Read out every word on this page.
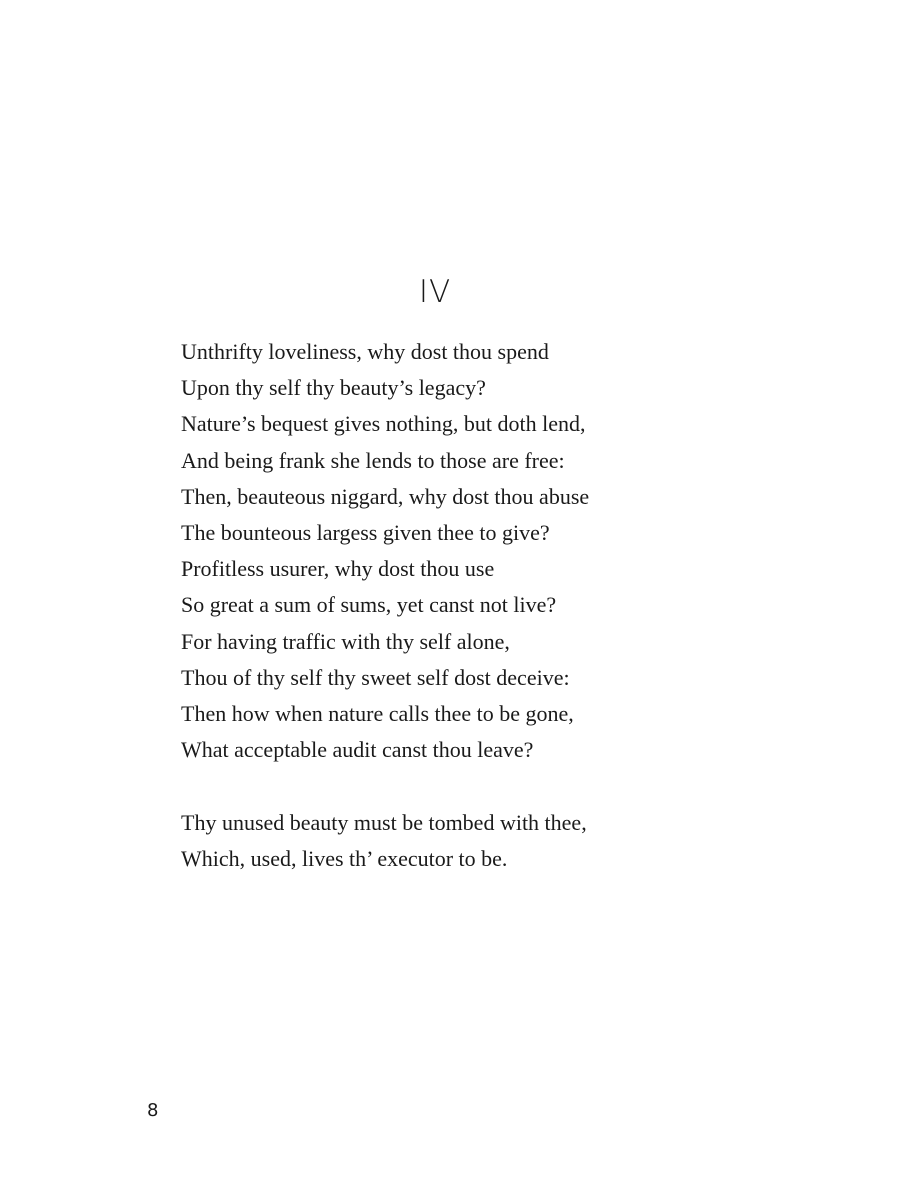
IV
Unthrifty loveliness, why dost thou spend
Upon thy self thy beauty’s legacy?
Nature’s bequest gives nothing, but doth lend,
And being frank she lends to those are free:
Then, beauteous niggard, why dost thou abuse
The bounteous largess given thee to give?
Profitless usurer, why dost thou use
So great a sum of sums, yet canst not live?
For having traffic with thy self alone,
Thou of thy self thy sweet self dost deceive:
Then how when nature calls thee to be gone,
What acceptable audit canst thou leave?
Thy unused beauty must be tombed with thee,
Which, used, lives th’ executor to be.
8
